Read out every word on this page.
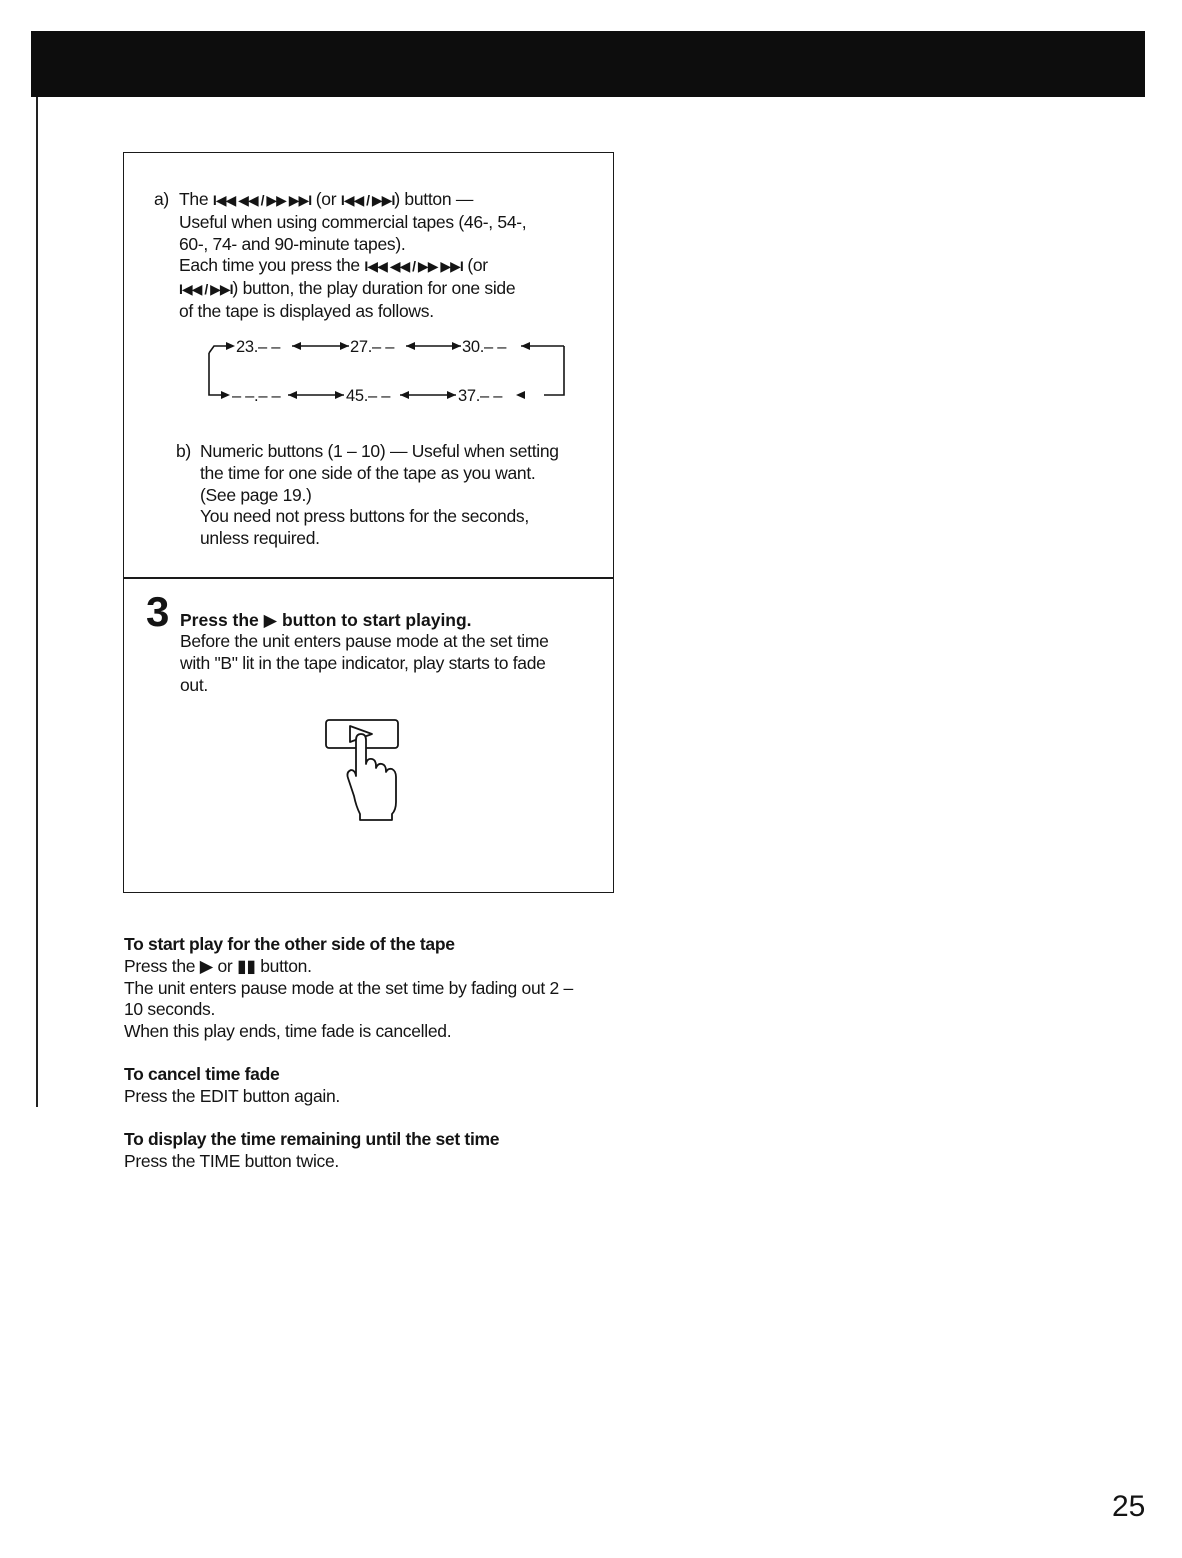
a) The I◀◀ ◀◀ / ▶▶ ▶▶I (or I◀◀ / ▶▶I) button —
Useful when using commercial tapes (46-, 54-,
60-, 74- and 90-minute tapes).
Each time you press the I◀◀ ◀◀ / ▶▶ ▶▶I (or
I◀◀ / ▶▶I) button, the play duration for one side
of the tape is displayed as follows.
23.– –	27.– –	30.– –
– –.– –	45.– –	37.– –
b) Numeric buttons (1 – 10) — Useful when setting
the time for one side of the tape as you want.
(See page 19.)
You need not press buttons for the seconds,
unless required.
3 Press the ▶ button to start playing.
Before the unit enters pause mode at the set time
with "B" lit in the tape indicator, play starts to fade
out.
To start play for the other side of the tape
Press the ▶ or ▮▮ button.
The unit enters pause mode at the set time by fading out 2 –
10 seconds.
When this play ends, time fade is cancelled.
To cancel time fade
Press the EDIT button again.
To display the time remaining until the set time
Press the TIME button twice.
25
